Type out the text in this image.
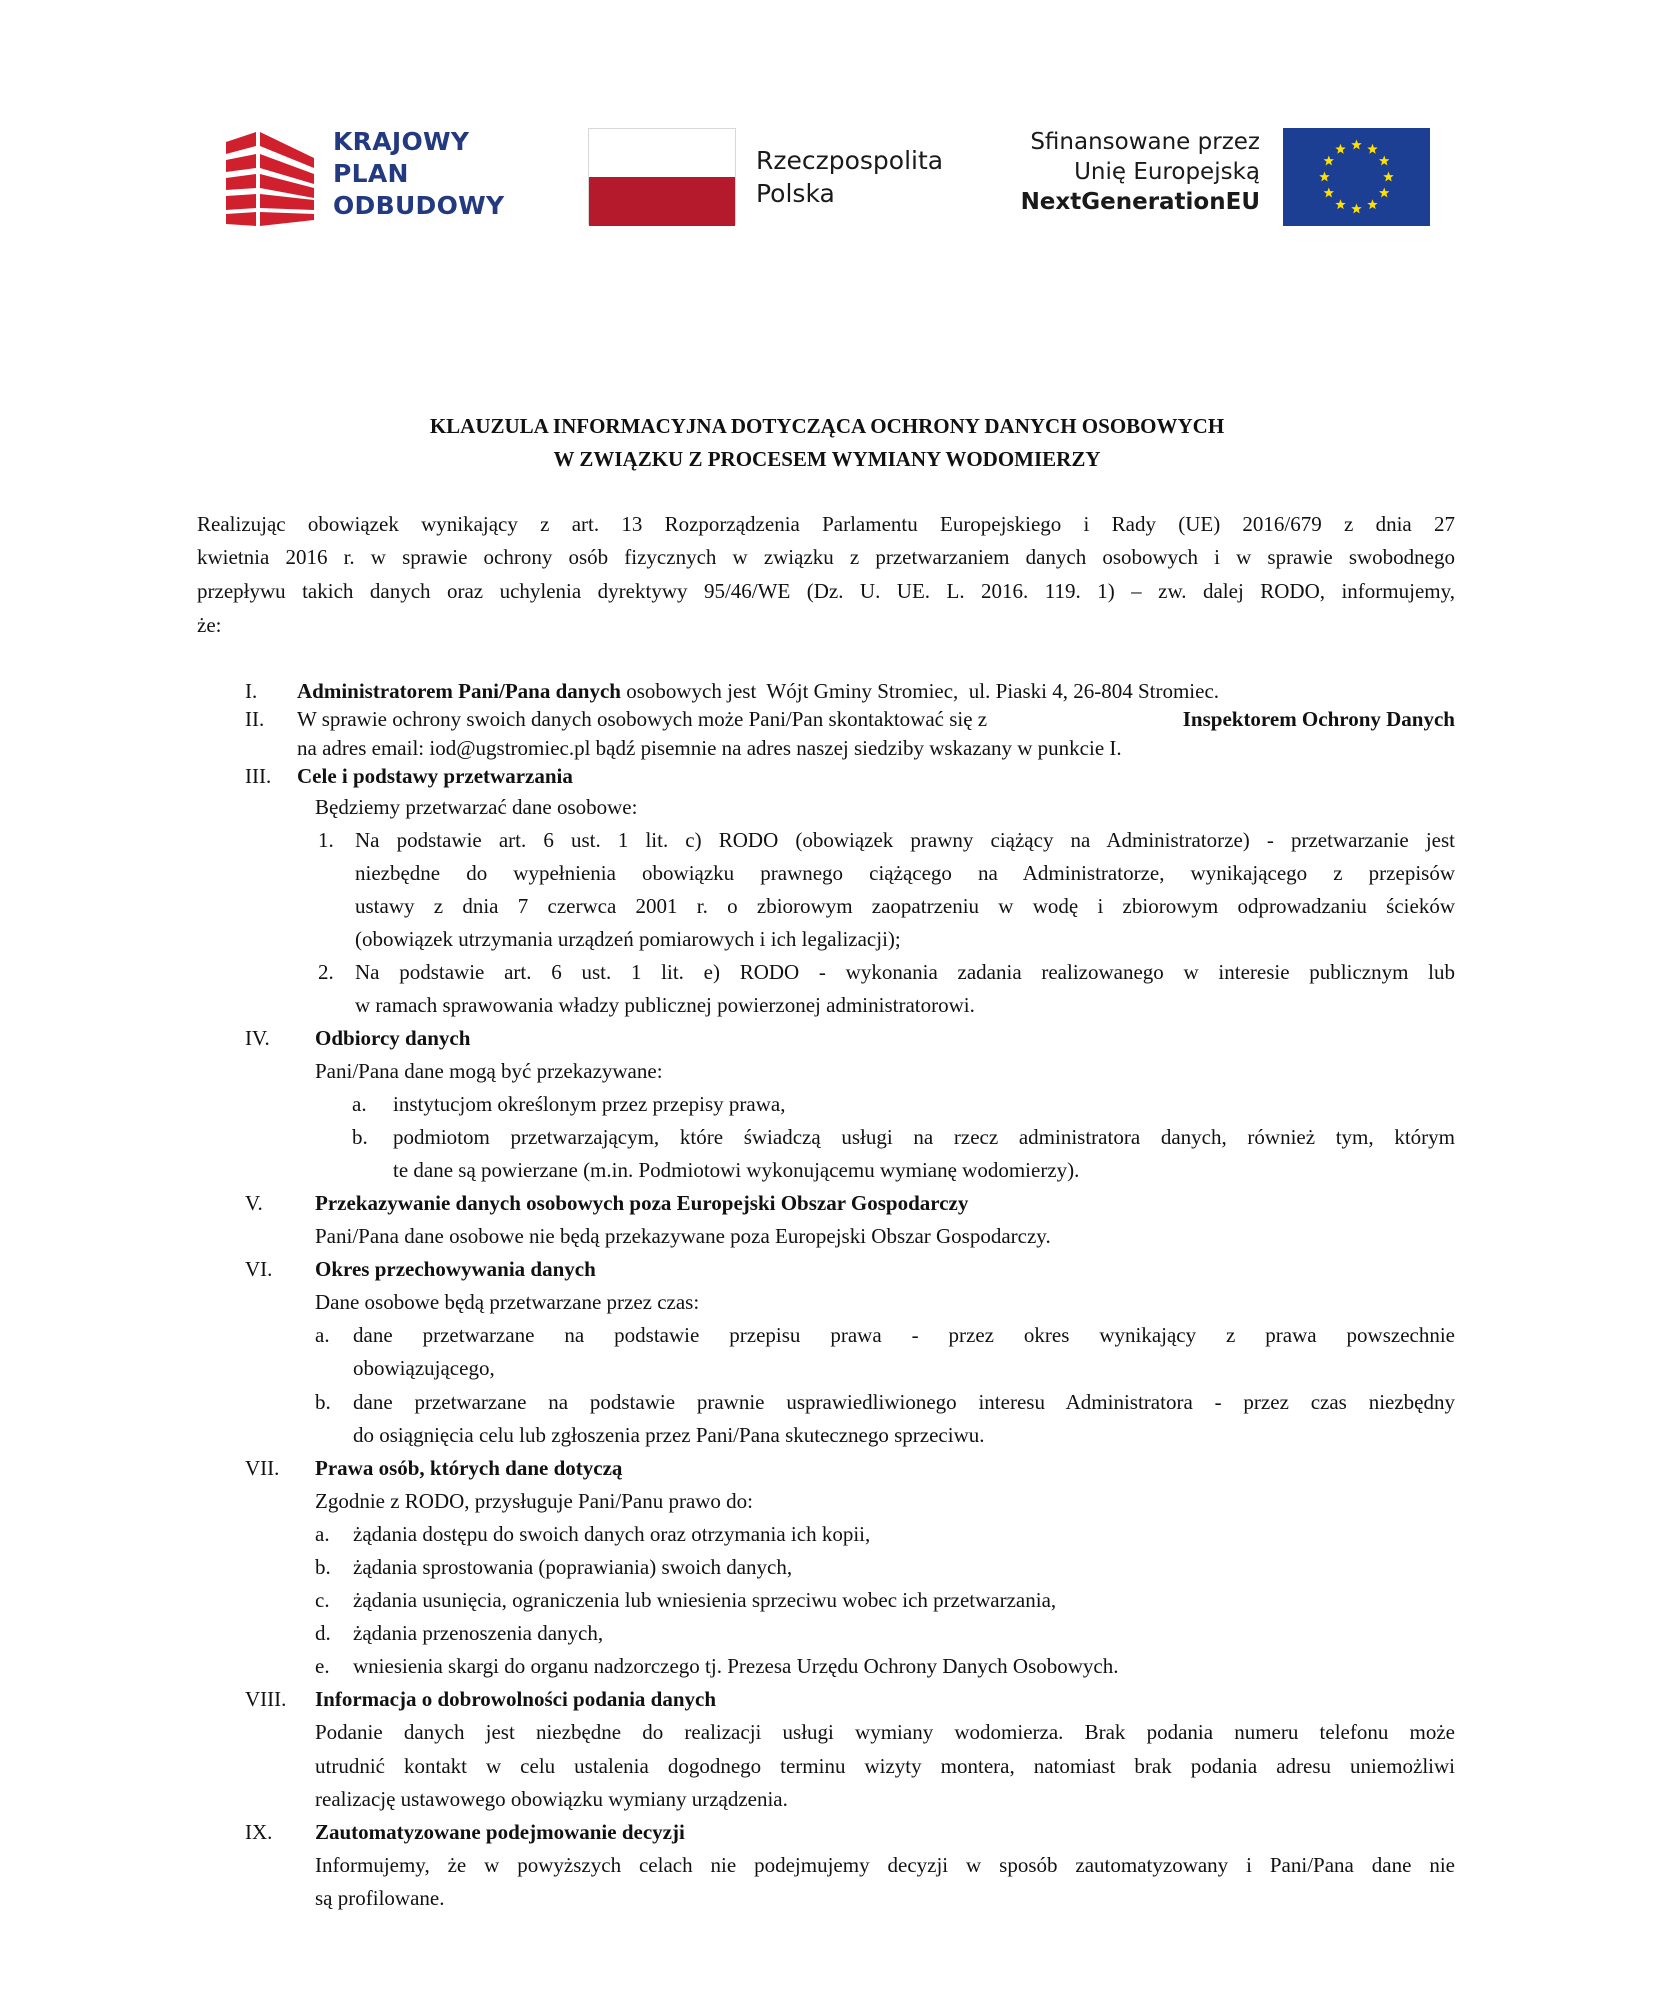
KRAJOWY
PLAN
ODBUDOWY
Rzeczpospolita
Polska
Sfinansowane przez
Unię Europejską
NextGenerationEU
KLAUZULA INFORMACYJNA DOTYCZĄCA OCHRONY DANYCH OSOBOWYCH
W ZWIĄZKU Z PROCESEM WYMIANY WODOMIERZY
Realizując obowiązek wynikający z art. 13 Rozporządzenia Parlamentu Europejskiego i Rady (UE) 2016/679 z dnia 27
kwietnia 2016 r. w sprawie ochrony osób fizycznych w związku z przetwarzaniem danych osobowych i w sprawie swobodnego
przepływu takich danych oraz uchylenia dyrektywy 95/46/WE (Dz. U. UE. L. 2016. 119. 1) – zw. dalej RODO, informujemy,
że:
I. Administratorem Pani/Pana danych osobowych jest  Wójt Gminy Stromiec,  ul. Piaski 4, 26-804 Stromiec.
II. W sprawie ochrony swoich danych osobowych może Pani/Pan skontaktować się z	Inspektorem Ochrony Danych
na adres email: iod@ugstromiec.pl bądź pisemnie na adres naszej siedziby wskazany w punkcie I.
III. Cele i podstawy przetwarzania
Będziemy przetwarzać dane osobowe:
1. Na podstawie art. 6 ust. 1 lit. c) RODO (obowiązek prawny ciążący na Administratorze) - przetwarzanie jest
niezbędne do wypełnienia obowiązku prawnego ciążącego na Administratorze, wynikającego z przepisów
ustawy z dnia 7 czerwca 2001 r. o zbiorowym zaopatrzeniu w wodę i zbiorowym odprowadzaniu ścieków
(obowiązek utrzymania urządzeń pomiarowych i ich legalizacji);
2. Na podstawie art. 6 ust. 1 lit. e) RODO - wykonania zadania realizowanego w interesie publicznym lub
w ramach sprawowania władzy publicznej powierzonej administratorowi.
IV. Odbiorcy danych
Pani/Pana dane mogą być przekazywane:
a. instytucjom określonym przez przepisy prawa,
b. podmiotom przetwarzającym, które świadczą usługi na rzecz administratora danych, również tym, którym
te dane są powierzane (m.in. Podmiotowi wykonującemu wymianę wodomierzy).
V. Przekazywanie danych osobowych poza Europejski Obszar Gospodarczy
Pani/Pana dane osobowe nie będą przekazywane poza Europejski Obszar Gospodarczy.
VI. Okres przechowywania danych
Dane osobowe będą przetwarzane przez czas:
a. dane przetwarzane na podstawie przepisu prawa - przez okres wynikający z prawa powszechnie
obowiązującego,
b. dane przetwarzane na podstawie prawnie usprawiedliwionego interesu Administratora - przez czas niezbędny
do osiągnięcia celu lub zgłoszenia przez Pani/Pana skutecznego sprzeciwu.
VII. Prawa osób, których dane dotyczą
Zgodnie z RODO, przysługuje Pani/Panu prawo do:
a. żądania dostępu do swoich danych oraz otrzymania ich kopii,
b. żądania sprostowania (poprawiania) swoich danych,
c. żądania usunięcia, ograniczenia lub wniesienia sprzeciwu wobec ich przetwarzania,
d. żądania przenoszenia danych,
e. wniesienia skargi do organu nadzorczego tj. Prezesa Urzędu Ochrony Danych Osobowych.
VIII. Informacja o dobrowolności podania danych
Podanie danych jest niezbędne do realizacji usługi wymiany wodomierza. Brak podania numeru telefonu może
utrudnić kontakt w celu ustalenia dogodnego terminu wizyty montera, natomiast brak podania adresu uniemożliwi
realizację ustawowego obowiązku wymiany urządzenia.
IX. Zautomatyzowane podejmowanie decyzji
Informujemy, że w powyższych celach nie podejmujemy decyzji w sposób zautomatyzowany i Pani/Pana dane nie
są profilowane.
